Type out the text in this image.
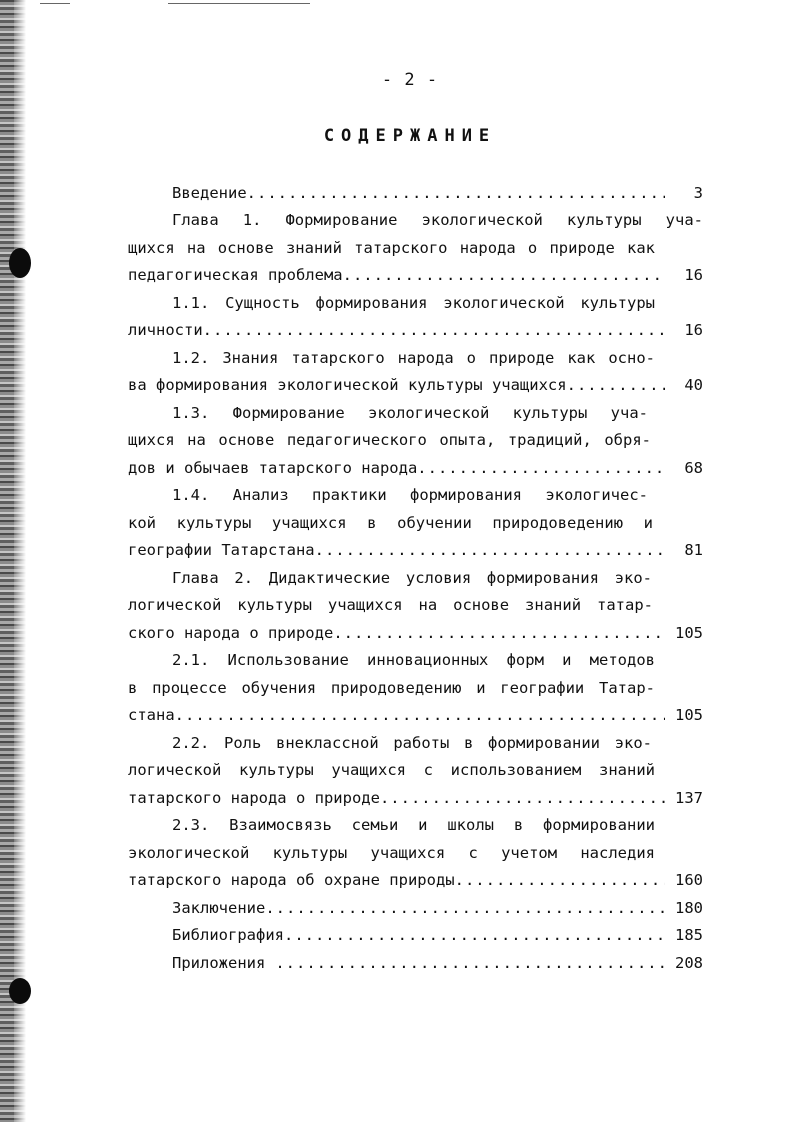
- 2 -
СОДЕРЖАНИЕ
Введение .....	3
Глава 1. Формирование экологической культуры уча-
щихся на основе знаний татарского народа о природе как
педагогическая проблема .....	16
1.1. Сущность формирования экологической культуры
личности .....	16
1.2. Знания татарского народа о природе как осно-
ва формирования экологической культуры учащихся .....	40
1.3. Формирование экологической культуры уча-
щихся на основе педагогического опыта, традиций, обря-
дов и обычаев татарского народа .....	68
1.4. Анализ практики формирования экологичес-
кой культуры учащихся в обучении природоведению и
географии Татарстана .....	81
Глава 2. Дидактические условия формирования эко-
логической культуры учащихся на основе знаний татар-
ского народа о природе .....	105
2.1. Использование инновационных форм и методов
в процессе обучения природоведению и географии Татар-
стана .....	105
2.2. Роль внеклассной работы в формировании эко-
логической культуры учащихся с использованием знаний
татарского народа о природе .....	137
2.3. Взаимосвязь семьи и школы в формировании
экологической культуры учащихся с учетом наследия
татарского народа об охране природы .....	160
Заключение .....	180
Библиография .....	185
Приложения .....	208
